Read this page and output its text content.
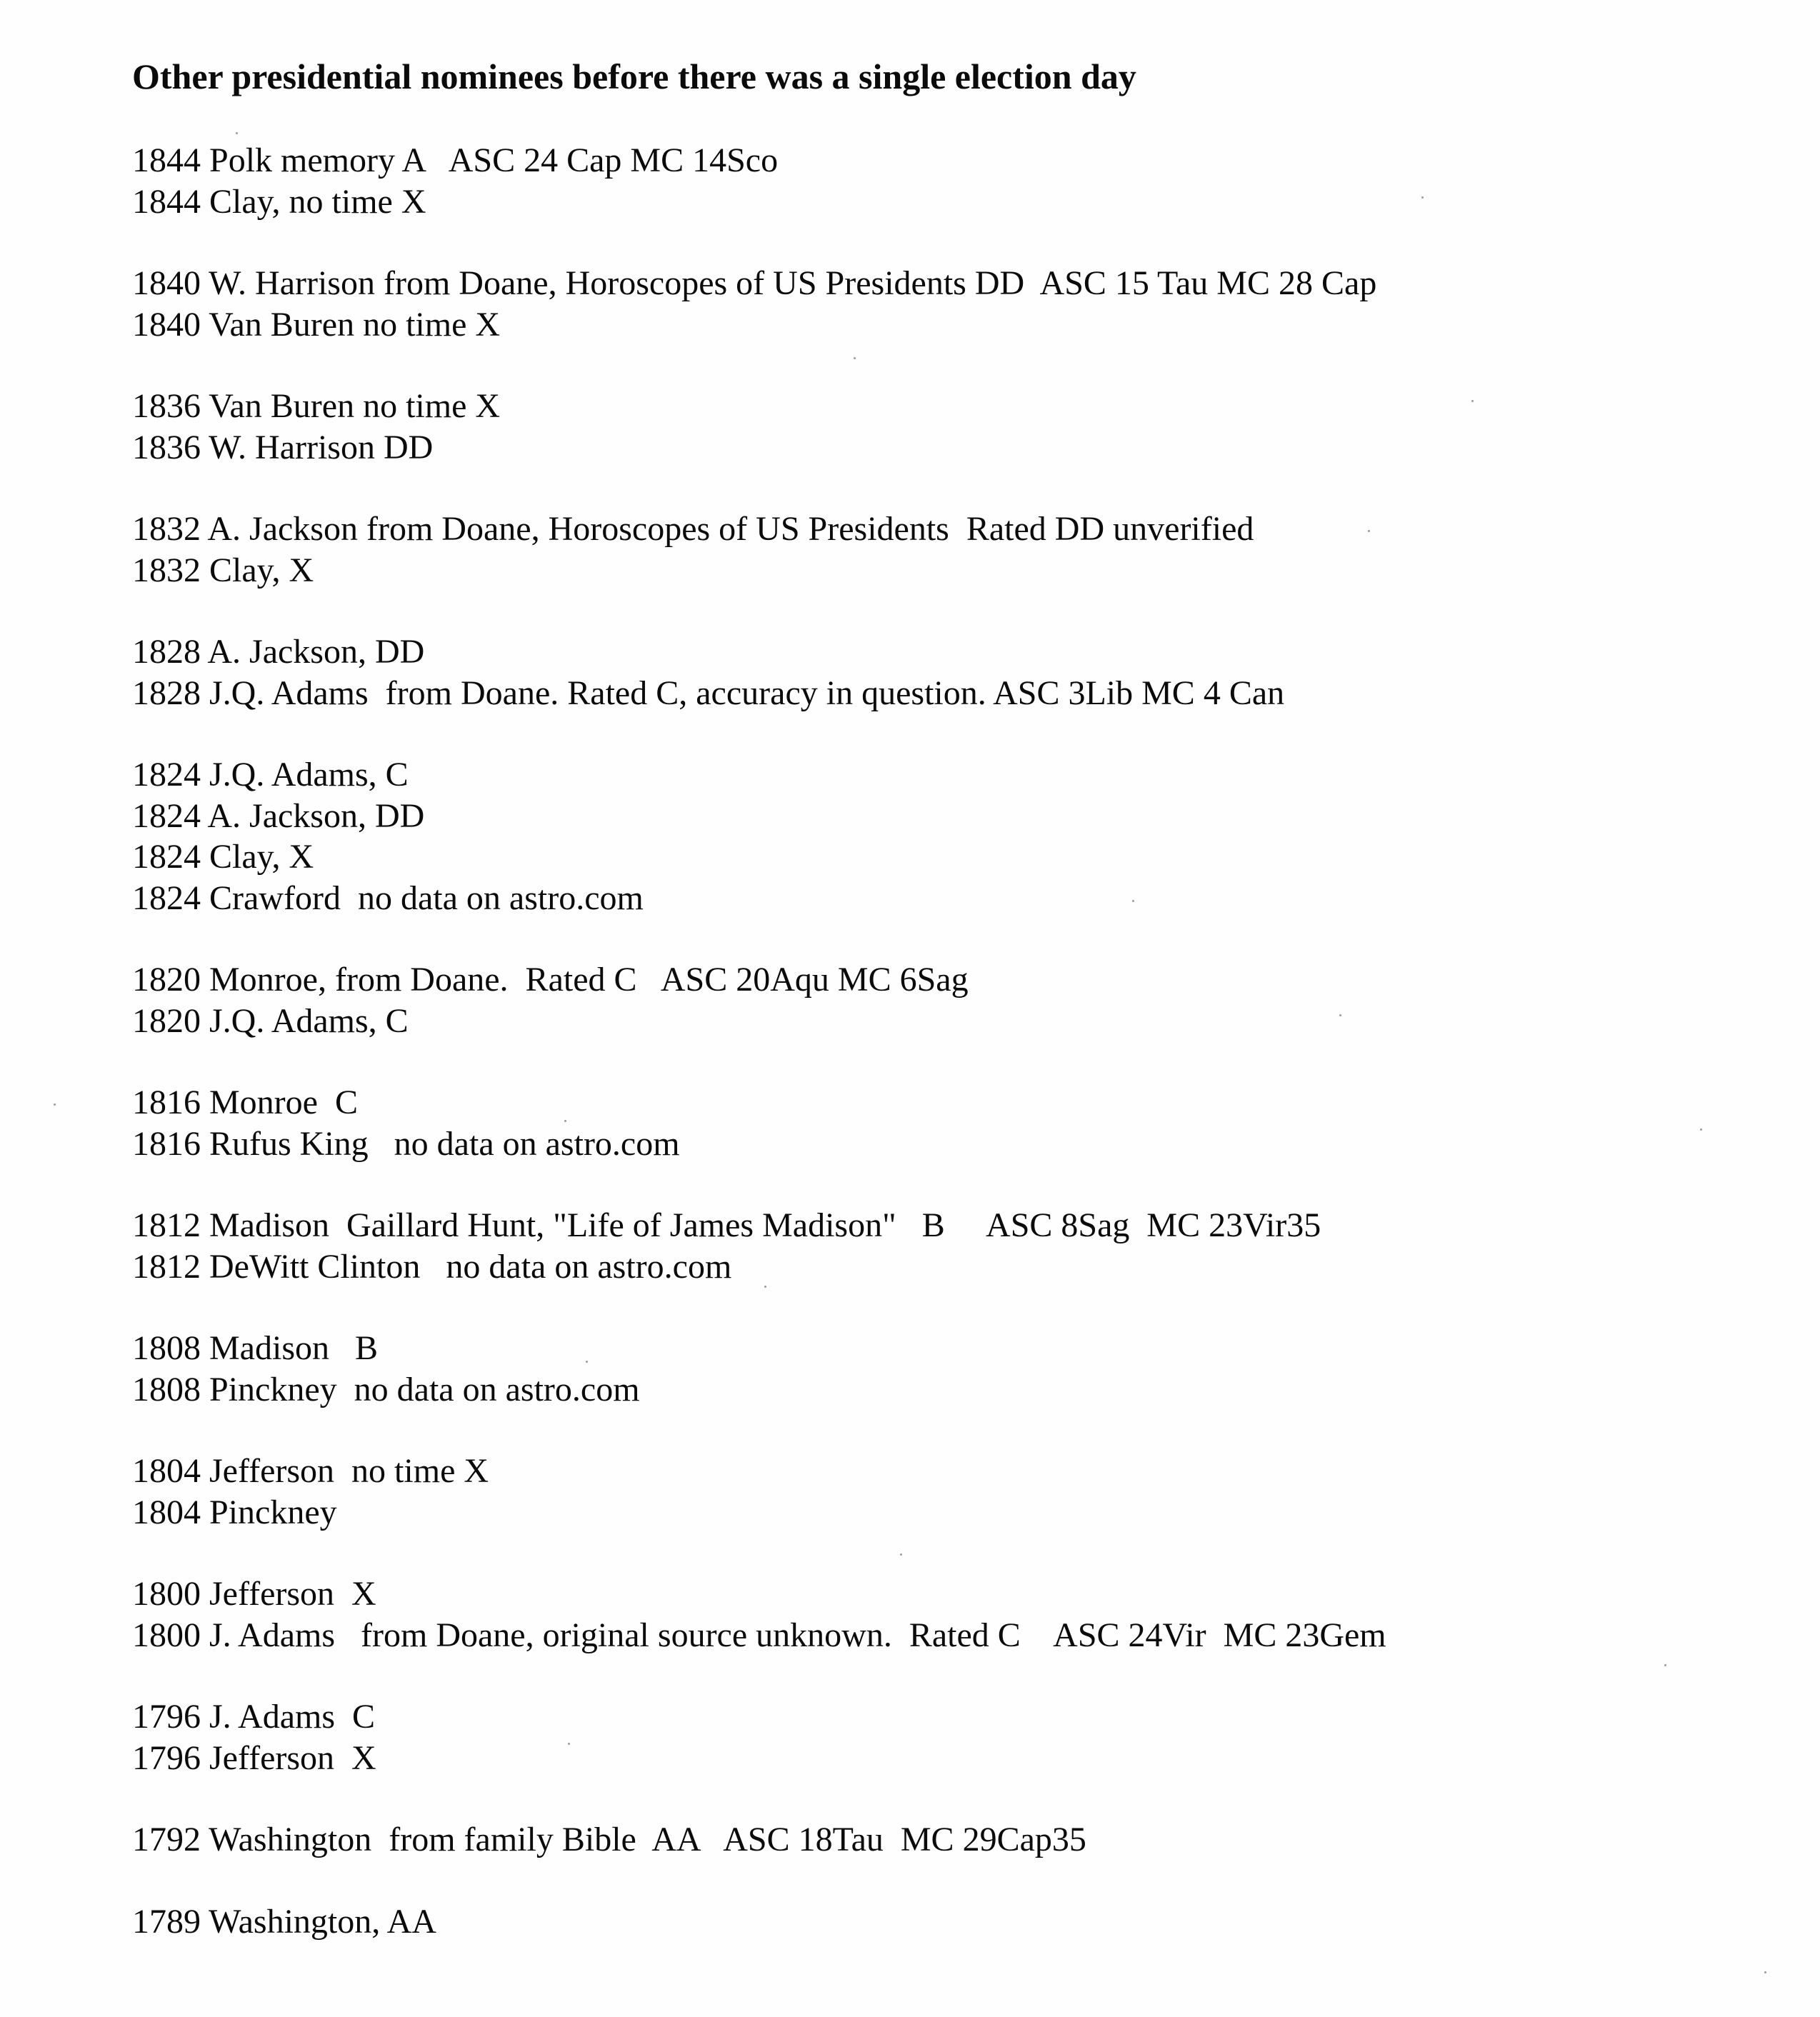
Other presidential nominees before there was a single election day
1844 Polk memory A   ASC 24 Cap MC 14Sco
1844 Clay, no time X
1840 W. Harrison from Doane, Horoscopes of US Presidents DD  ASC 15 Tau MC 28 Cap
1840 Van Buren no time X
1836 Van Buren no time X
1836 W. Harrison DD
1832 A. Jackson from Doane, Horoscopes of US Presidents  Rated DD unverified
1832 Clay, X
1828 A. Jackson, DD
1828 J.Q. Adams  from Doane. Rated C, accuracy in question. ASC 3Lib MC 4 Can
1824 J.Q. Adams, C
1824 A. Jackson, DD
1824 Clay, X
1824 Crawford  no data on astro.com
1820 Monroe, from Doane.  Rated C   ASC 20Aqu MC 6Sag
1820 J.Q. Adams, C
1816 Monroe  C
1816 Rufus King   no data on astro.com
1812 Madison  Gaillard Hunt, "Life of James Madison"   B     ASC 8Sag  MC 23Vir35
1812 DeWitt Clinton   no data on astro.com
1808 Madison   B
1808 Pinckney  no data on astro.com
1804 Jefferson  no time X
1804 Pinckney
1800 Jefferson  X
1800 J. Adams   from Doane, original source unknown.  Rated C    ASC 24Vir  MC 23Gem
1796 J. Adams  C
1796 Jefferson  X
1792 Washington  from family Bible  AA   ASC 18Tau  MC 29Cap35
1789 Washington, AA
